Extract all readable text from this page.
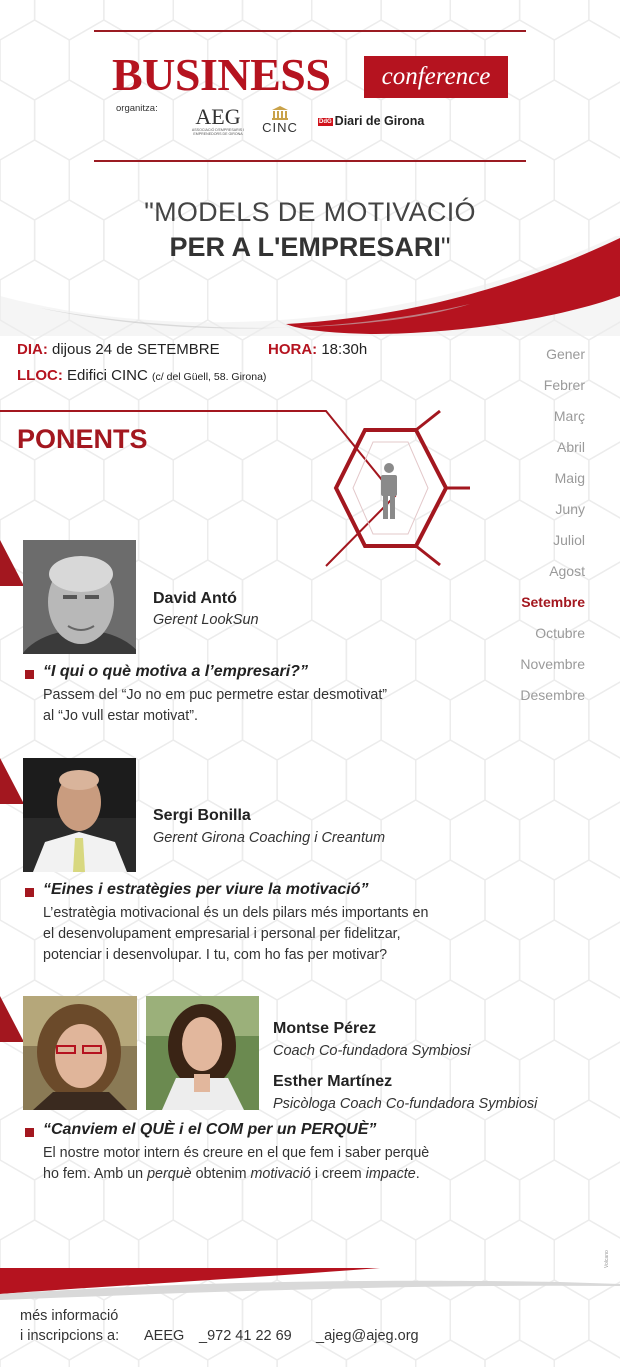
BUSINESS	conference
organitza: AEG
ASSOCIACIÓ D'EMPRESARIS I EMPRENEDORS DE GIRONA	CINC	DdG Diari de Girona
"MODELS DE MOTIVACIÓ
PER A L'EMPRESARI"
DIA: dijous 24 de SETEMBRE	HORA: 18:30h
LLOC: Edifici CINC (c/ del Güell, 58. Girona)
Gener
Febrer
Març
Abril
Maig
Juny
Juliol
Agost
Setembre
Octubre
Novembre
Desembre
PONENTS
David Antó
Gerent LookSun
“I qui o què motiva a l’empresari?”
Passem del “Jo no em puc permetre estar desmotivat”
al “Jo vull estar motivat”.
Sergi Bonilla
Gerent Girona Coaching i Creantum
“Eines i estratègies per viure la motivació”
L’estratègia motivacional és un dels pilars més importants en
el desenvolupament empresarial i personal per fidelitzar,
potenciar i desenvolupar. I tu, com ho fas per motivar?
Montse Pérez
Coach Co-fundadora Symbiosi
Esther Martínez
Psicòloga Coach Co-fundadora Symbiosi
“Canviem el QUÈ i el COM per un PERQUÈ”
El nostre motor intern és creure en el que fem i saber perquè
ho fem. Amb un perquè obtenim motivació i creem impacte.
Volcano
més informació
i inscripcions a: AEEG _972 41 22 69 _ajeg@ajeg.org
